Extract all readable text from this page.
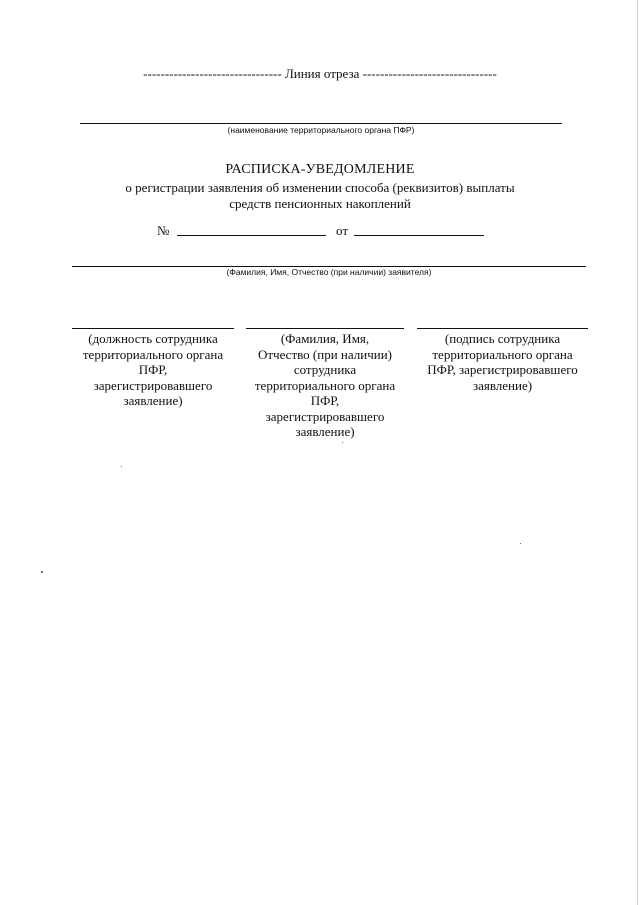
-------------------------------- Линия отреза -------------------------------
(наименование территориального органа ПФР)
РАСПИСКА-УВЕДОМЛЕНИЕ
о регистрации заявления об изменении способа (реквизитов) выплаты
средств пенсионных накоплений
№	от
(Фамилия, Имя, Отчество (при наличии) заявителя)
(должность сотрудника
территориального органа
ПФР,
зарегистрировавшего
заявление)
(Фамилия, Имя,
Отчество (при наличии)
сотрудника
территориального органа
ПФР,
зарегистрировавшего
заявление)
(подпись сотрудника
территориального органа
ПФР, зарегистрировавшего
заявление)
